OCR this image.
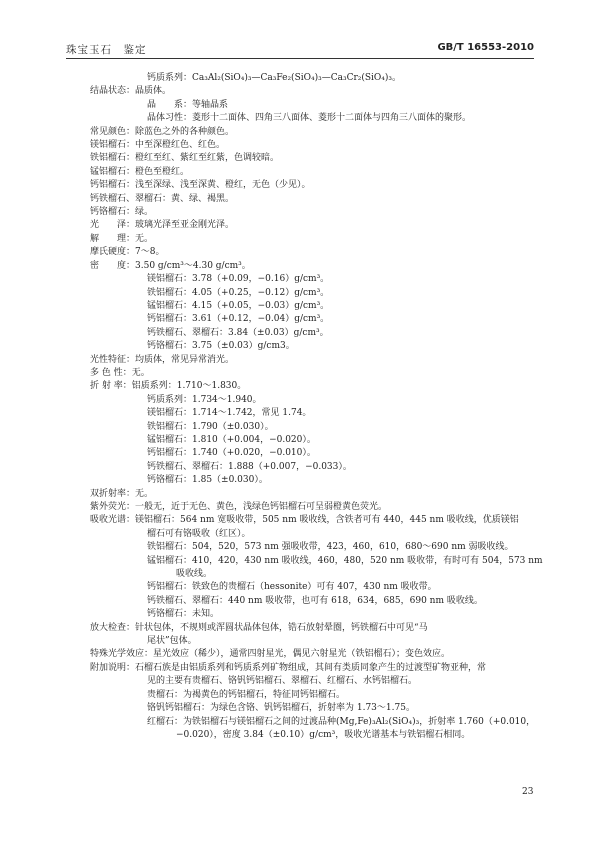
珠宝玉石　鉴定	GB/T 16553-2010
钙质系列：Ca₃Al₂(SiO₄)₃—Ca₃Fe₂(SiO₄)₃—Ca₃Cr₂(SiO₄)₃。
结晶状态：晶质体。
晶　　系：等轴晶系
晶体习性：菱形十二面体、四角三八面体、菱形十二面体与四角三八面体的聚形。
常见颜色：除蓝色之外的各种颜色。
镁铝榴石：中至深橙红色、红色。
铁铝榴石：橙红至红、紫红至红紫，色调较暗。
锰铝榴石：橙色至橙红。
钙铝榴石：浅至深绿、浅至深黄、橙红，无色（少见）。
钙铁榴石、翠榴石：黄、绿、褐黑。
钙铬榴石：绿。
光　　泽：玻璃光泽至亚金刚光泽。
解　　理：无。
摩氏硬度：7～8。
密　　度：3.50 g/cm³～4.30 g/cm³。
镁铝榴石：3.78（+0.09，−0.16）g/cm³。
铁铝榴石：4.05（+0.25，−0.12）g/cm³。
锰铝榴石：4.15（+0.05，−0.03）g/cm³。
钙铝榴石：3.61（+0.12，−0.04）g/cm³。
钙铁榴石、翠榴石：3.84（±0.03）g/cm³。
钙铬榴石：3.75（±0.03）g/cm3。
光性特征：均质体，常见异常消光。
多 色 性：无。
折 射 率：铝质系列：1.710～1.830。
钙质系列：1.734～1.940。
镁铝榴石：1.714～1.742，常见 1.74。
铁铝榴石：1.790（±0.030）。
锰铝榴石：1.810（+0.004，−0.020）。
钙铝榴石：1.740（+0.020，−0.010）。
钙铁榴石、翠榴石：1.888（+0.007，−0.033）。
钙铬榴石：1.85（±0.030）。
双折射率：无。
紫外荧光：一般无，近于无色、黄色，浅绿色钙铝榴石可呈弱橙黄色荧光。
吸收光谱：镁铝榴石：564 nm 宽吸收带，505 nm 吸收线，含铁者可有 440，445 nm 吸收线，优质镁铝
榴石可有铬吸收（红区）。
铁铝榴石：504，520，573 nm 强吸收带，423，460，610，680～690 nm 弱吸收线。
锰铝榴石：410，420，430 nm 吸收线，460，480，520 nm 吸收带，有时可有 504，573 nm
吸收线。
钙铝榴石：铁致色的贵榴石（hessonite）可有 407，430 nm 吸收带。
钙铁榴石、翠榴石：440 nm 吸收带，也可有 618，634，685，690 nm 吸收线。
钙铬榴石：未知。
放大检查：针状包体，不规则或浑圆状晶体包体，锆石放射晕圈，钙铁榴石中可见“马
尾状”包体。
特殊光学效应：星光效应（稀少），通常四射星光，偶见六射星光（铁铝榴石）；变色效应。
附加说明：石榴石族是由铝质系列和钙质系列矿物组成，其间有类质同象产生的过渡型矿物亚种，常
见的主要有贵榴石、铬钒钙铝榴石、翠榴石、红榴石、水钙铝榴石。
贵榴石：为褐黄色的钙铝榴石，特征同钙铝榴石。
铬钒钙铝榴石：为绿色含铬、钒钙铝榴石，折射率为 1.73～1.75。
红榴石：为铁铝榴石与镁铝榴石之间的过渡品种(Mg,Fe)₃Al₂(SiO₄)₃，折射率 1.760（+0.010，
−0.020），密度 3.84（±0.10）g/cm³，吸收光谱基本与铁铝榴石相同。
23
